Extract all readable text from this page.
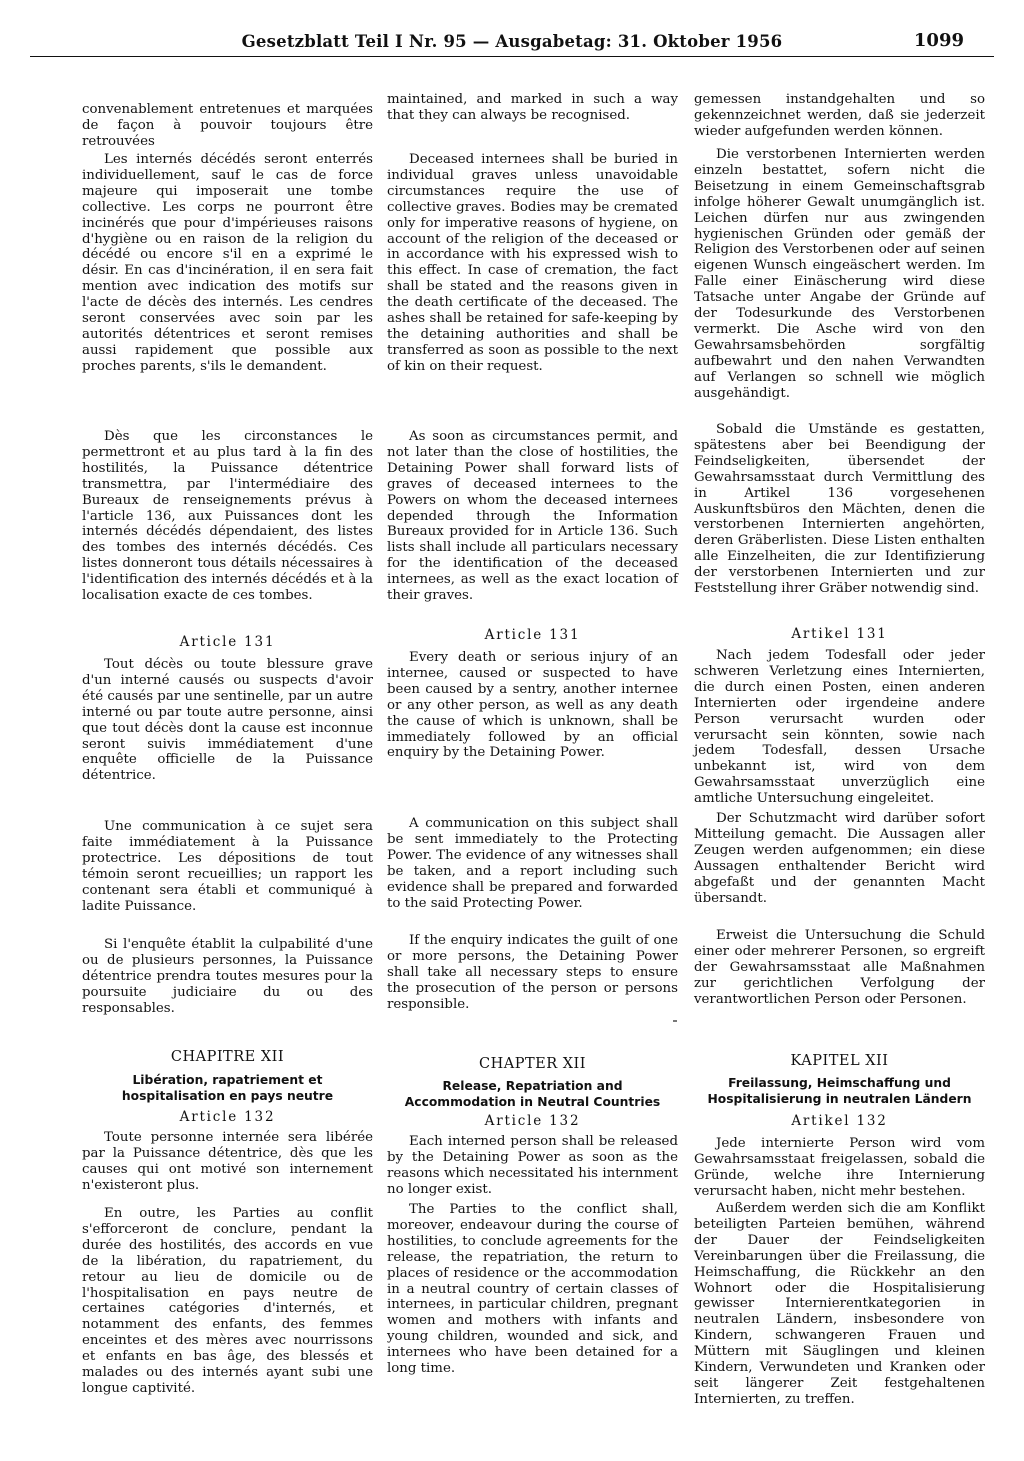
Gesetzblatt Teil I Nr. 95 — Ausgabetag: 31. Oktober 1956	1099

convenablement entretenues et marquées de façon à pouvoir toujours être retrouvées

Les internés décédés seront enterrés individuellement, sauf le cas de force majeure qui imposerait une tombe collective. Les corps ne pourront être incinérés que pour d'impérieuses raisons d'hygiène ou en raison de la religion du décédé ou encore s'il en a exprimé le désir. En cas d'incinération, il en sera fait mention avec indication des motifs sur l'acte de décès des internés. Les cendres seront conservées avec soin par les autorités détentrices et seront remises aussi rapidement que possible aux proches parents, s'ils le demandent.

Dès que les circonstances le permettront et au plus tard à la fin des hostilités, la Puissance détentrice transmettra, par l'intermédiaire des Bureaux de renseignements prévus à l'article 136, aux Puissances dont les internés décédés dépendaient, des listes des tombes des internés décédés. Ces listes donneront tous détails nécessaires à l'identification des internés décédés et à la localisation exacte de ces tombes.

Article 131

Tout décès ou toute blessure grave d'un interné causés ou suspects d'avoir été causés par une sentinelle, par un autre interné ou par toute autre personne, ainsi que tout décès dont la cause est inconnue seront suivis immédiatement d'une enquête officielle de la Puissance détentrice.

Une communication à ce sujet sera faite immédiatement à la Puissance protectrice. Les dépositions de tout témoin seront recueillies; un rapport les contenant sera établi et communiqué à ladite Puissance.

Si l'enquête établit la culpabilité d'une ou de plusieurs personnes, la Puissance détentrice prendra toutes mesures pour la poursuite judiciaire du ou des responsables.

CHAPITRE XII
Libération, rapatriement et hospitalisation en pays neutre
Article 132

Toute personne internée sera libérée par la Puissance détentrice, dès que les causes qui ont motivé son internement n'existeront plus.

En outre, les Parties au conflit s'efforceront de conclure, pendant la durée des hostilités, des accords en vue de la libération, du rapatriement, du retour au lieu de domicile ou de l'hospitalisation en pays neutre de certaines catégories d'internés, et notamment des enfants, des femmes enceintes et des mères avec nourrissons et enfants en bas âge, des blessés et malades ou des internés ayant subi une longue captivité.

maintained, and marked in such a way that they can always be recognised.

Deceased internees shall be buried in individual graves unless unavoidable circumstances require the use of collective graves. Bodies may be cremated only for imperative reasons of hygiene, on account of the religion of the deceased or in accordance with his expressed wish to this effect. In case of cremation, the fact shall be stated and the reasons given in the death certificate of the deceased. The ashes shall be retained for safe-keeping by the detaining authorities and shall be transferred as soon as possible to the next of kin on their request.

As soon as circumstances permit, and not later than the close of hostilities, the Detaining Power shall forward lists of graves of deceased internees to the Powers on whom the deceased internees depended through the Information Bureaux provided for in Article 136. Such lists shall include all particulars necessary for the identification of the deceased internees, as well as the exact location of their graves.

Article 131

Every death or serious injury of an internee, caused or suspected to have been caused by a sentry, another internee or any other person, as well as any death the cause of which is unknown, shall be immediately followed by an official enquiry by the Detaining Power.

A communication on this subject shall be sent immediately to the Protecting Power. The evidence of any witnesses shall be taken, and a report including such evidence shall be prepared and forwarded to the said Protecting Power.

If the enquiry indicates the guilt of one or more persons, the Detaining Power shall take all necessary steps to ensure the prosecution of the person or persons responsible.

CHAPTER XII
Release, Repatriation and Accommodation in Neutral Countries
Article 132

Each interned person shall be released by the Detaining Power as soon as the reasons which necessitated his internment no longer exist.

The Parties to the conflict shall, moreover, endeavour during the course of hostilities, to conclude agreements for the release, the repatriation, the return to places of residence or the accommodation in a neutral country of certain classes of internees, in particular children, pregnant women and mothers with infants and young children, wounded and sick, and internees who have been detained for a long time.

gemessen instandgehalten und so gekennzeichnet werden, daß sie jederzeit wieder aufgefunden werden können.

Die verstorbenen Internierten werden einzeln bestattet, sofern nicht die Beisetzung in einem Gemeinschaftsgrab infolge höherer Gewalt unumgänglich ist. Leichen dürfen nur aus zwingenden hygienischen Gründen oder gemäß der Religion des Verstorbenen oder auf seinen eigenen Wunsch eingeäschert werden. Im Falle einer Einäscherung wird diese Tatsache unter Angabe der Gründe auf der Todesurkunde des Verstorbenen vermerkt. Die Asche wird von den Gewahrsamsbehörden sorgfältig aufbewahrt und den nahen Verwandten auf Verlangen so schnell wie möglich ausgehändigt.

Sobald die Umstände es gestatten, spätestens aber bei Beendigung der Feindseligkeiten, übersendet der Gewahrsamsstaat durch Vermittlung des in Artikel 136 vorgesehenen Auskunftsbüros den Mächten, denen die verstorbenen Internierten angehörten, deren Gräberlisten. Diese Listen enthalten alle Einzelheiten, die zur Identifizierung der verstorbenen Internierten und zur Feststellung ihrer Gräber notwendig sind.

Artikel 131

Nach jedem Todesfall oder jeder schweren Verletzung eines Internierten, die durch einen Posten, einen anderen Internierten oder irgendeine andere Person verursacht wurden oder verursacht sein könnten, sowie nach jedem Todesfall, dessen Ursache unbekannt ist, wird von dem Gewahrsamsstaat unverzüglich eine amtliche Untersuchung eingeleitet.

Der Schutzmacht wird darüber sofort Mitteilung gemacht. Die Aussagen aller Zeugen werden aufgenommen; ein diese Aussagen enthaltender Bericht wird abgefaßt und der genannten Macht übersandt.

Erweist die Untersuchung die Schuld einer oder mehrerer Personen, so ergreift der Gewahrsamsstaat alle Maßnahmen zur gerichtlichen Verfolgung der verantwortlichen Person oder Personen.

KAPITEL XII
Freilassung, Heimschaffung und Hospitalisierung in neutralen Ländern
Artikel 132

Jede internierte Person wird vom Gewahrsamsstaat freigelassen, sobald die Gründe, welche ihre Internierung verursacht haben, nicht mehr bestehen.

Außerdem werden sich die am Konflikt beteiligten Parteien bemühen, während der Dauer der Feindseligkeiten Vereinbarungen über die Freilassung, die Heimschaffung, die Rückkehr an den Wohnort oder die Hospitalisierung gewisser Internierentkategorien in neutralen Ländern, insbesondere von Kindern, schwangeren Frauen und Müttern mit Säuglingen und kleinen Kindern, Verwundeten und Kranken oder seit längerer Zeit festgehaltenen Internierten, zu treffen.
